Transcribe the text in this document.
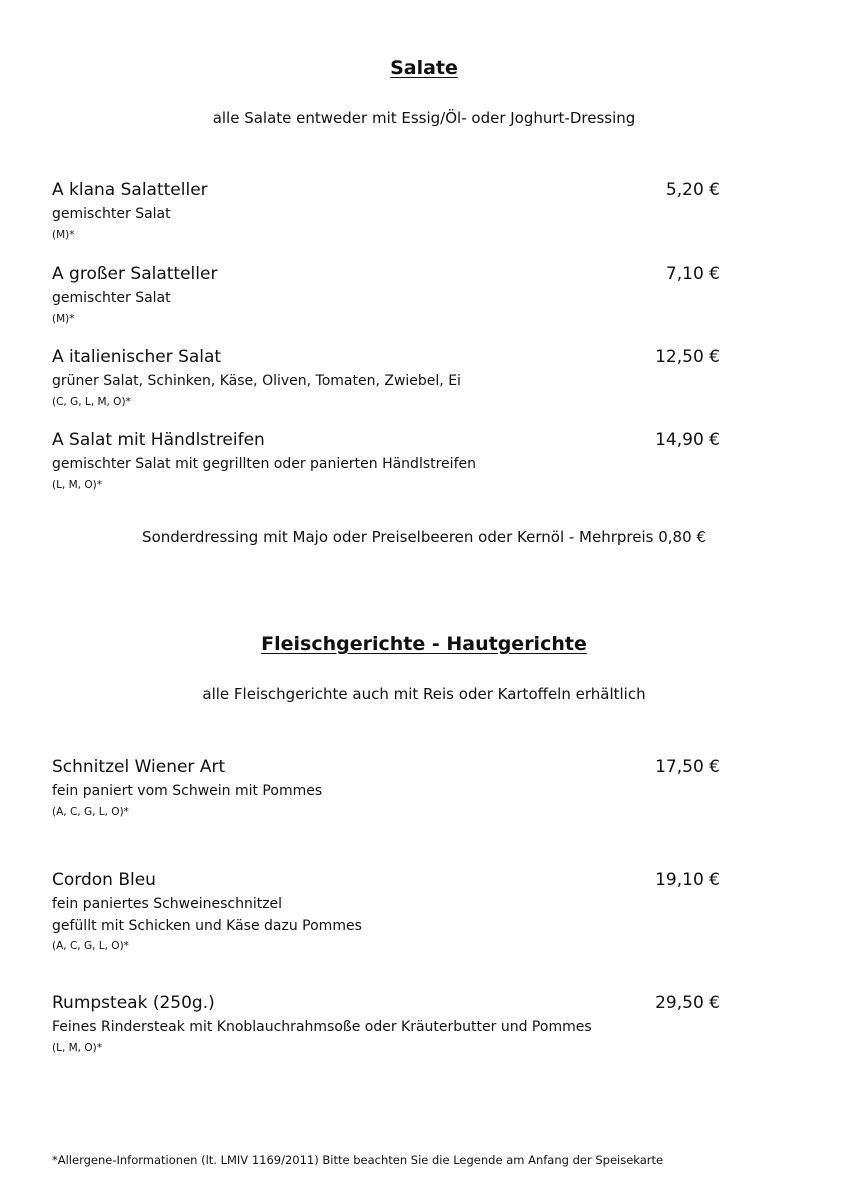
Salate
alle Salate entweder mit Essig/Öl- oder Joghurt-Dressing
A klana Salatteller	5,20 €
gemischter Salat
(M)*
A großer Salatteller	7,10 €
gemischter Salat
(M)*
A italienischer Salat	12,50 €
grüner Salat, Schinken, Käse, Oliven, Tomaten, Zwiebel, Ei
(C, G, L, M, O)*
A Salat mit Händlstreifen	14,90 €
gemischter Salat mit gegrillten oder panierten Händlstreifen
(L, M, O)*
Sonderdressing mit Majo oder Preiselbeeren oder Kernöl - Mehrpreis 0,80 €
Fleischgerichte - Hautgerichte
alle Fleischgerichte auch mit Reis oder Kartoffeln erhältlich
Schnitzel Wiener Art	17,50 €
fein paniert vom Schwein mit Pommes
(A, C, G, L, O)*
Cordon Bleu	19,10 €
fein paniertes Schweineschnitzel
gefüllt mit Schicken und Käse dazu Pommes
(A, C, G, L, O)*
Rumpsteak (250g.)	29,50 €
Feines Rindersteak mit Knoblauchrahmsoße oder Kräuterbutter und Pommes
(L, M, O)*
*Allergene-Informationen (lt. LMIV 1169/2011) Bitte beachten Sie die Legende am Anfang der Speisekarte
